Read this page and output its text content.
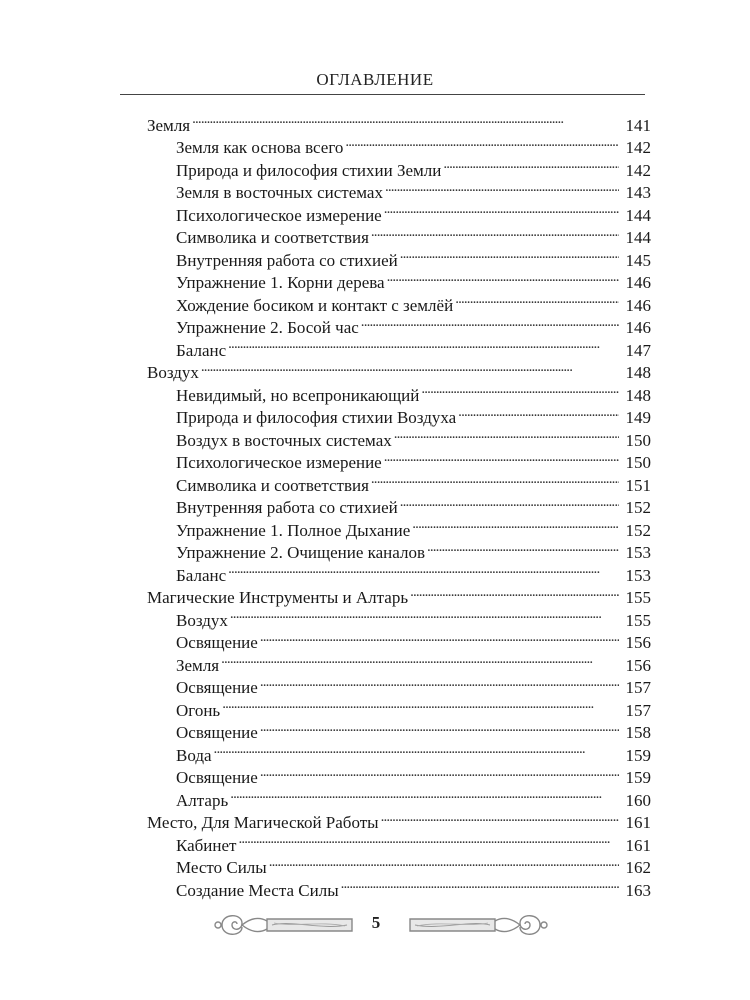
ОГЛАВЛЕНИЕ
Земля . . .	141
Земля как основа всего . . .	142
Природа и философия стихии Земли . . .	142
Земля в восточных системах . . .	143
Психологическое измерение . . .	144
Символика и соответствия . . .	144
Внутренняя работа со стихией . . .	145
Упражнение 1. Корни дерева . . .	146
Хождение босиком и контакт с землёй . . .	146
Упражнение 2. Босой час . . .	146
Баланс . . .	147
Воздух . . .	148
Невидимый, но всепроникающий . . .	148
Природа и философия стихии Воздуха . . .	149
Воздух в восточных системах . . .	150
Психологическое измерение . . .	150
Символика и соответствия . . .	151
Внутренняя работа со стихией . . .	152
Упражнение 1. Полное Дыхание . . .	152
Упражнение 2. Очищение каналов . . .	153
Баланс . . .	153
Магические Инструменты и Алтарь . . .	155
Воздух . . .	155
Освящение . . .	156
Земля . . .	156
Освящение . . .	157
Огонь . . .	157
Освящение . . .	158
Вода . . .	159
Освящение . . .	159
Алтарь . . .	160
Место, Для Магической Работы . . .	161
Кабинет . . .	161
Место Силы . . .	162
Создание Места Силы . . .	163
5
